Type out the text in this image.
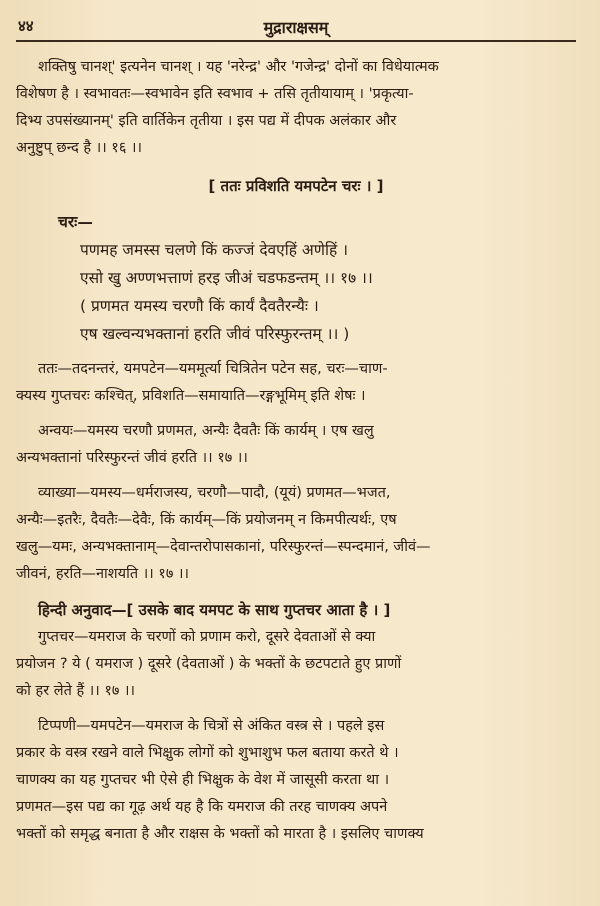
४४	मुद्राराक्षसम्

शक्तिषु चानश्' इत्यनेन चानश् । यह 'नरेन्द्र' और 'गजेन्द्र' दोनों का विधेयात्मक

विशेषण है । स्वभावतः—स्वभावेन इति स्वभाव + तसि तृतीयायाम् । 'प्रकृत्या-

दिभ्य उपसंख्यानम्' इति वार्तिकेन तृतीया । इस पद्य में दीपक अलंकार और

अनुष्टुप् छन्द है ।। १६ ।।

[ ततः प्रविशति यमपटेन चरः । ]
चरः—

पणमह जमस्स चलणे किं कज्जं देवएहिं अणेहिं ।

एसो खु अण्णभत्ताणं हरइ जीअं चडफडन्तम् ।। १७ ।।

( प्रणमत यमस्य चरणौ किं कार्यं दैवतैरन्यैः ।

एष खल्वन्यभक्तानां हरति जीवं परिस्फुरन्तम् ।। )

ततः—तदनन्तरं, यमपटेन—यममूर्त्या चित्रितेन पटेन सह, चरः—चाण-

क्यस्य गुप्तचरः कश्चित्, प्रविशति—समायाति—रङ्गभूमिम् इति शेषः ।

अन्वयः—यमस्य चरणौ प्रणमत, अन्यैः दैवतैः किं कार्यम् । एष खलु

अन्यभक्तानां परिस्फुरन्तं जीवं हरति ।। १७ ।।

व्याख्या—यमस्य—धर्मराजस्य, चरणौ—पादौ, (यूयं) प्रणमत—भजत,

अन्यैः—इतरैः, दैवतैः—देवैः, किं कार्यम्—किं प्रयोजनम् न किमपीत्यर्थः, एष

खलु—यमः, अन्यभक्तानाम्—देवान्तरोपासकानां, परिस्फुरन्तं—स्पन्दमानं, जीवं—

जीवनं, हरति—नाशयति ।। १७ ।।

हिन्दी अनुवाद—[ उसके बाद यमपट के साथ गुप्तचर आता है । ]

गुप्तचर—यमराज के चरणों को प्रणाम करो, दूसरे देवताओं से क्या

प्रयोजन ? ये ( यमराज ) दूसरे (देवताओं ) के भक्तों के छटपटाते हुए प्राणों

को हर लेते हैं ।। १७ ।।

टिप्पणी—यमपटेन—यमराज के चित्रों से अंकित वस्त्र से । पहले इस

प्रकार के वस्त्र रखने वाले भिक्षुक लोगों को शुभाशुभ फल बताया करते थे ।

चाणक्य का यह गुप्तचर भी ऐसे ही भिक्षुक के वेश में जासूसी करता था ।

प्रणमत—इस पद्य का गूढ़ अर्थ यह है कि यमराज की तरह चाणक्य अपने

भक्तों को समृद्ध बनाता है और राक्षस के भक्तों को मारता है । इसलिए चाणक्य
